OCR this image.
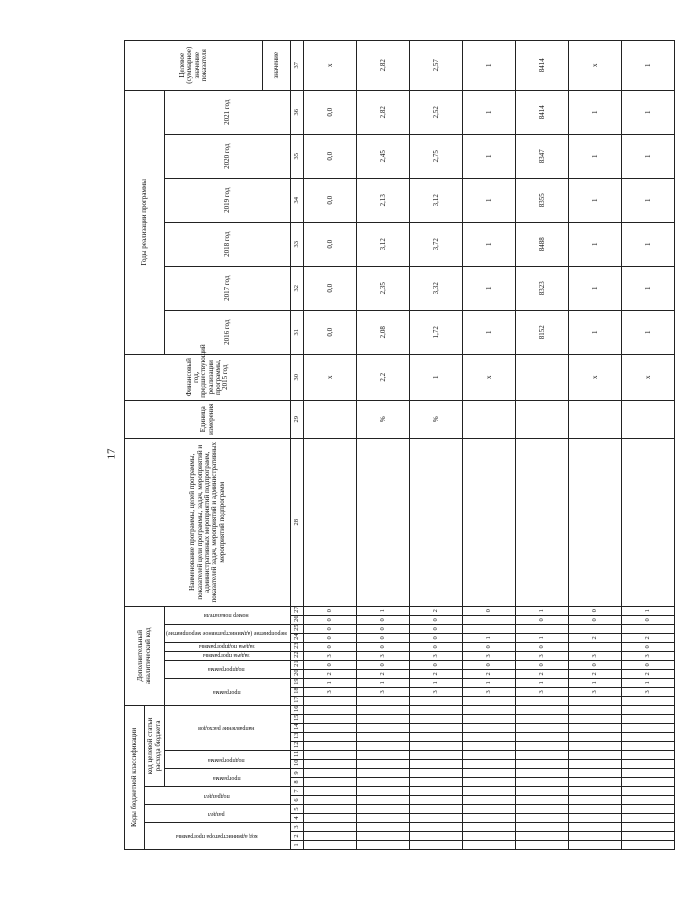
17
Коды бюджетной классификации																Дополнительный аналитический код											Наименование программы, целей программы, показателей цели программы, задач, мероприятий и административных мероприятий подпрограмм, показателей задач, мероприятий и административных мероприятий подпрограмм	Единица измерения	Финансовый год, предшествующий реализации программы, 2015 год	Годы реализации программы						Целевое (суммарное) значение показателя
код администратора программы			раздел		подраздел		код целевой статьи расхода бюджета																													
							программа		подпрограмма		направление расходов					программа			подпрограмма		задача программы	задача подпрограммы	мероприятие (административное мероприятие)		номер показателя					2016 год	2017 год	2018 год	2019 год	2020 год	2021 год	
																																				значение
1	2	3	4	5	6	7	8	9	10	11	12	13	14	15	16	17	18	19	20	21	22	23	24	25	26	27	28	29	30	31	32	33	34	35	36	37
																	3	1	2	0	3	0	0	0	0	0			x	0,0	0,0	0,0	0,0	0,0	0,0	x
																	3	1	2	0	3	0	0	0	0	1		%	2,2	2,08	2,35	3,12	2,13	2,45	2,82	2,82
																	3	1	2	0	3	0	0	0	0	2		%	1	1,72	3,32	3,72	3,12	2,75	2,52	2,57
																	3	1	2	0	3	0	1			0			x	1	1	1	1	1	1	1
																	3	1	2	0	3	0	1		0	1				8152	8323	8488	8355	8347	8414	8414
																	3	1	2	0	3		2		0	0			x	1	1	1	1	1	1	x
																	3	1	2	0	3	0	2		0	1			x	1	1	1	1	1	1	1
